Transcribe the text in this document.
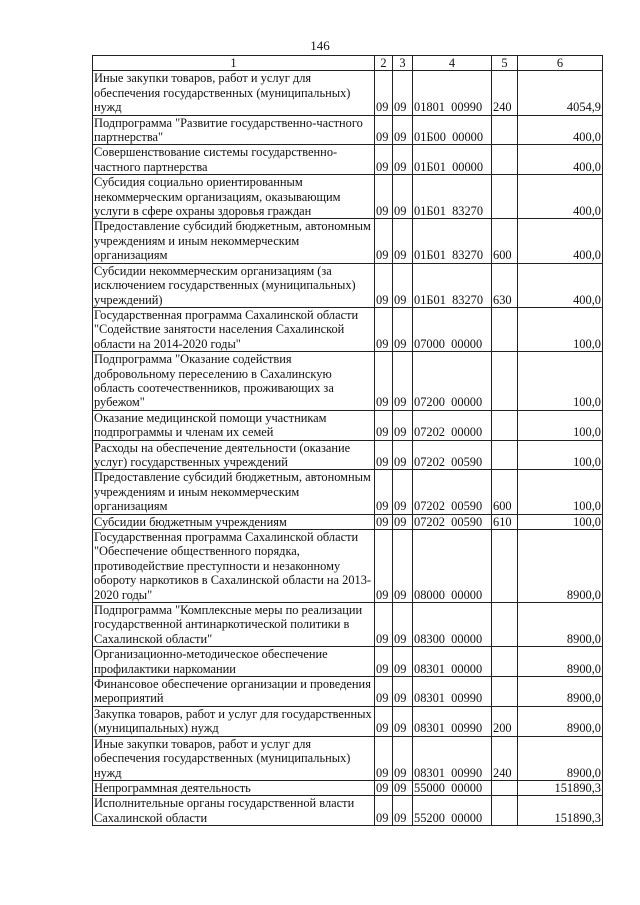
146
1	2	3	4	5	6
Иные закупки товаров, работ и услуг для обеспечения государственных (муниципальных) нужд	09	09	01801  00990	240	4054,9
Подпрограмма "Развитие государственно-частного партнерства"	09	09	01Б00  00000		400,0
Совершенствование системы государственно-частного партнерства	09	09	01Б01  00000		400,0
Субсидия социально ориентированным некоммерческим организациям, оказывающим услуги в сфере охраны здоровья граждан	09	09	01Б01  83270		400,0
Предоставление субсидий бюджетным, автономным учреждениям и иным некоммерческим организациям	09	09	01Б01  83270	600	400,0
Субсидии некоммерческим организациям (за исключением государственных (муниципальных) учреждений)	09	09	01Б01  83270	630	400,0
Государственная программа Сахалинской области "Содействие занятости населения Сахалинской области на 2014-2020 годы"	09	09	07000  00000		100,0
Подпрограмма "Оказание содействия добровольному переселению в Сахалинскую область соотечественников, проживающих за рубежом"	09	09	07200  00000		100,0
Оказание медицинской помощи участникам подпрограммы и членам их семей	09	09	07202  00000		100,0
Расходы на обеспечение деятельности (оказание услуг) государственных учреждений	09	09	07202  00590		100,0
Предоставление субсидий бюджетным, автономным учреждениям и иным некоммерческим организациям	09	09	07202  00590	600	100,0
Субсидии бюджетным учреждениям	09	09	07202  00590	610	100,0
Государственная программа Сахалинской области "Обеспечение общественного порядка, противодействие преступности и незаконному обороту наркотиков в Сахалинской области на 2013-2020 годы"	09	09	08000  00000		8900,0
Подпрограмма "Комплексные меры по реализации государственной антинаркотической политики в Сахалинской области"	09	09	08300  00000		8900,0
Организационно-методическое обеспечение профилактики наркомании	09	09	08301  00000		8900,0
Финансовое обеспечение организации и проведения мероприятий	09	09	08301  00990		8900,0
Закупка товаров, работ и услуг для государственных (муниципальных) нужд	09	09	08301  00990	200	8900,0
Иные закупки товаров, работ и услуг для обеспечения государственных (муниципальных) нужд	09	09	08301  00990	240	8900,0
Непрограммная деятельность	09	09	55000  00000		151890,3
Исполнительные органы государственной власти Сахалинской области	09	09	55200  00000		151890,3
